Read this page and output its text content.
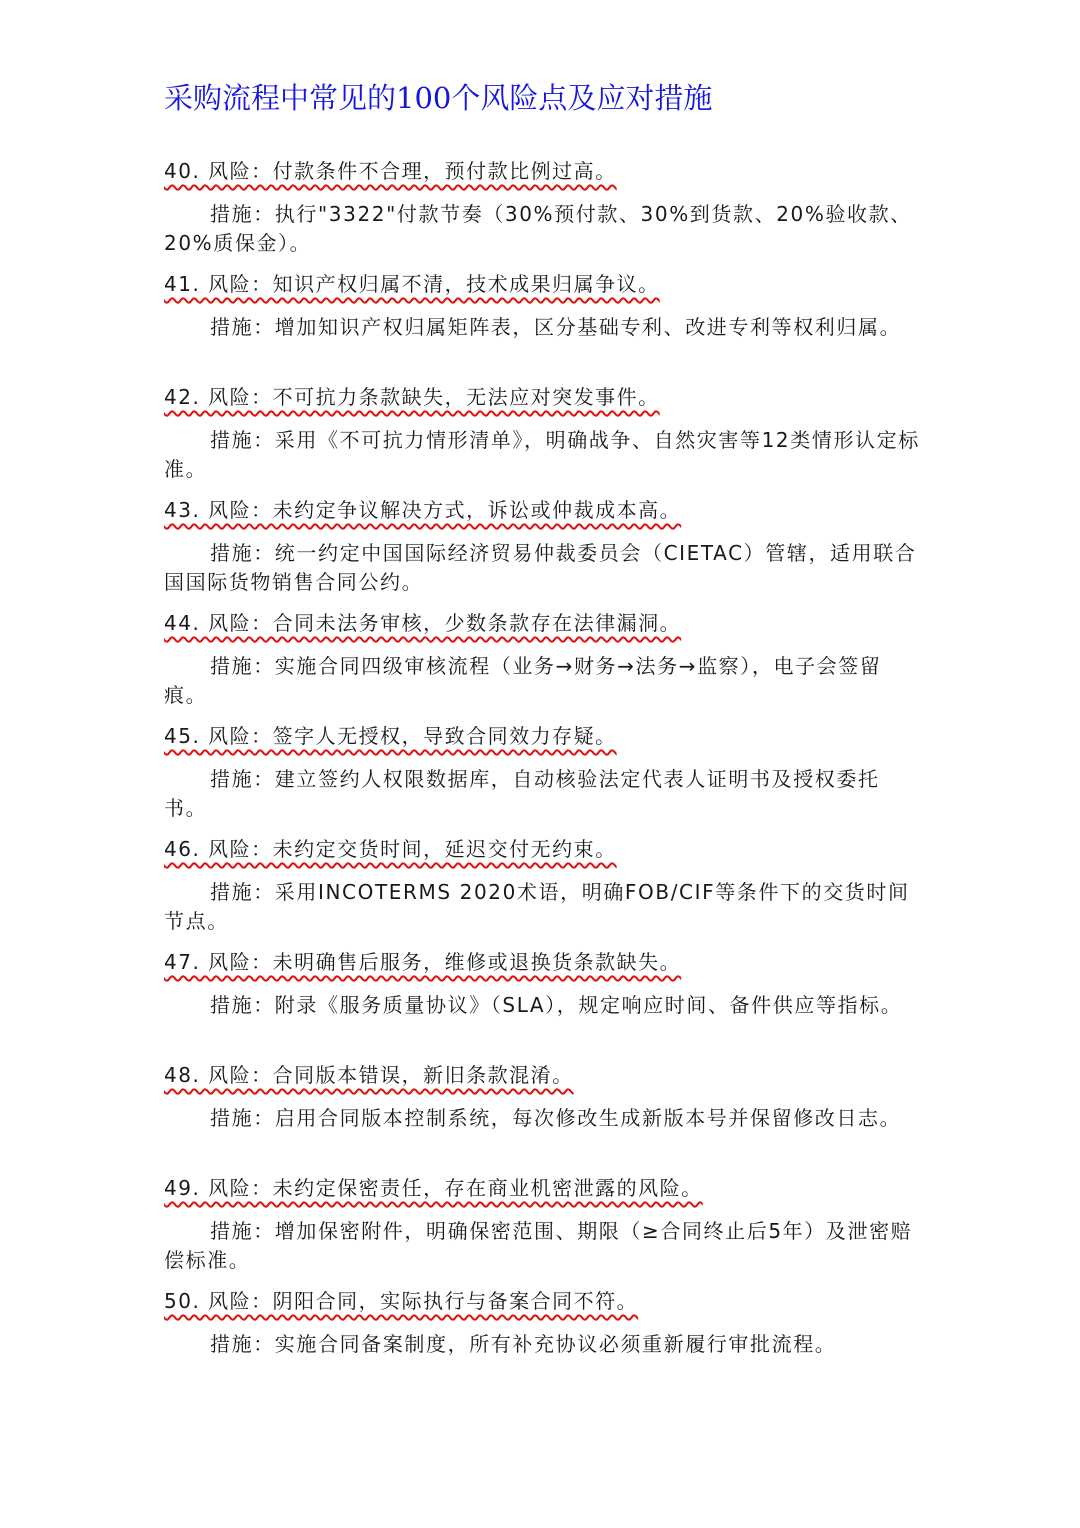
采购流程中常见的100个风险点及应对措施

40. 风险：付款条件不合理，预付款比例过高。

措施：执行"3322"付款节奏（30%预付款、30%到货款、20%验收款、20%质保金）。

41. 风险：知识产权归属不清，技术成果归属争议。

措施：增加知识产权归属矩阵表，区分基础专利、改进专利等权利归属。

42. 风险：不可抗力条款缺失，无法应对突发事件。

措施：采用《不可抗力情形清单》，明确战争、自然灾害等12类情形认定标准。

43. 风险：未约定争议解决方式，诉讼或仲裁成本高。

措施：统一约定中国国际经济贸易仲裁委员会（CIETAC）管辖，适用联合国国际货物销售合同公约。

44. 风险：合同未法务审核，少数条款存在法律漏洞。

措施：实施合同四级审核流程（业务→财务→法务→监察），电子会签留痕。

45. 风险：签字人无授权，导致合同效力存疑。

措施：建立签约人权限数据库，自动核验法定代表人证明书及授权委托书。

46. 风险：未约定交货时间，延迟交付无约束。

措施：采用INCOTERMS 2020术语，明确FOB/CIF等条件下的交货时间节点。

47. 风险：未明确售后服务，维修或退换货条款缺失。

措施：附录《服务质量协议》（SLA），规定响应时间、备件供应等指标。

48. 风险：合同版本错误，新旧条款混淆。

措施：启用合同版本控制系统，每次修改生成新版本号并保留修改日志。

49. 风险：未约定保密责任，存在商业机密泄露的风险。

措施：增加保密附件，明确保密范围、期限（≥合同终止后5年）及泄密赔偿标准。

50. 风险：阴阳合同，实际执行与备案合同不符。

措施：实施合同备案制度，所有补充协议必须重新履行审批流程。
